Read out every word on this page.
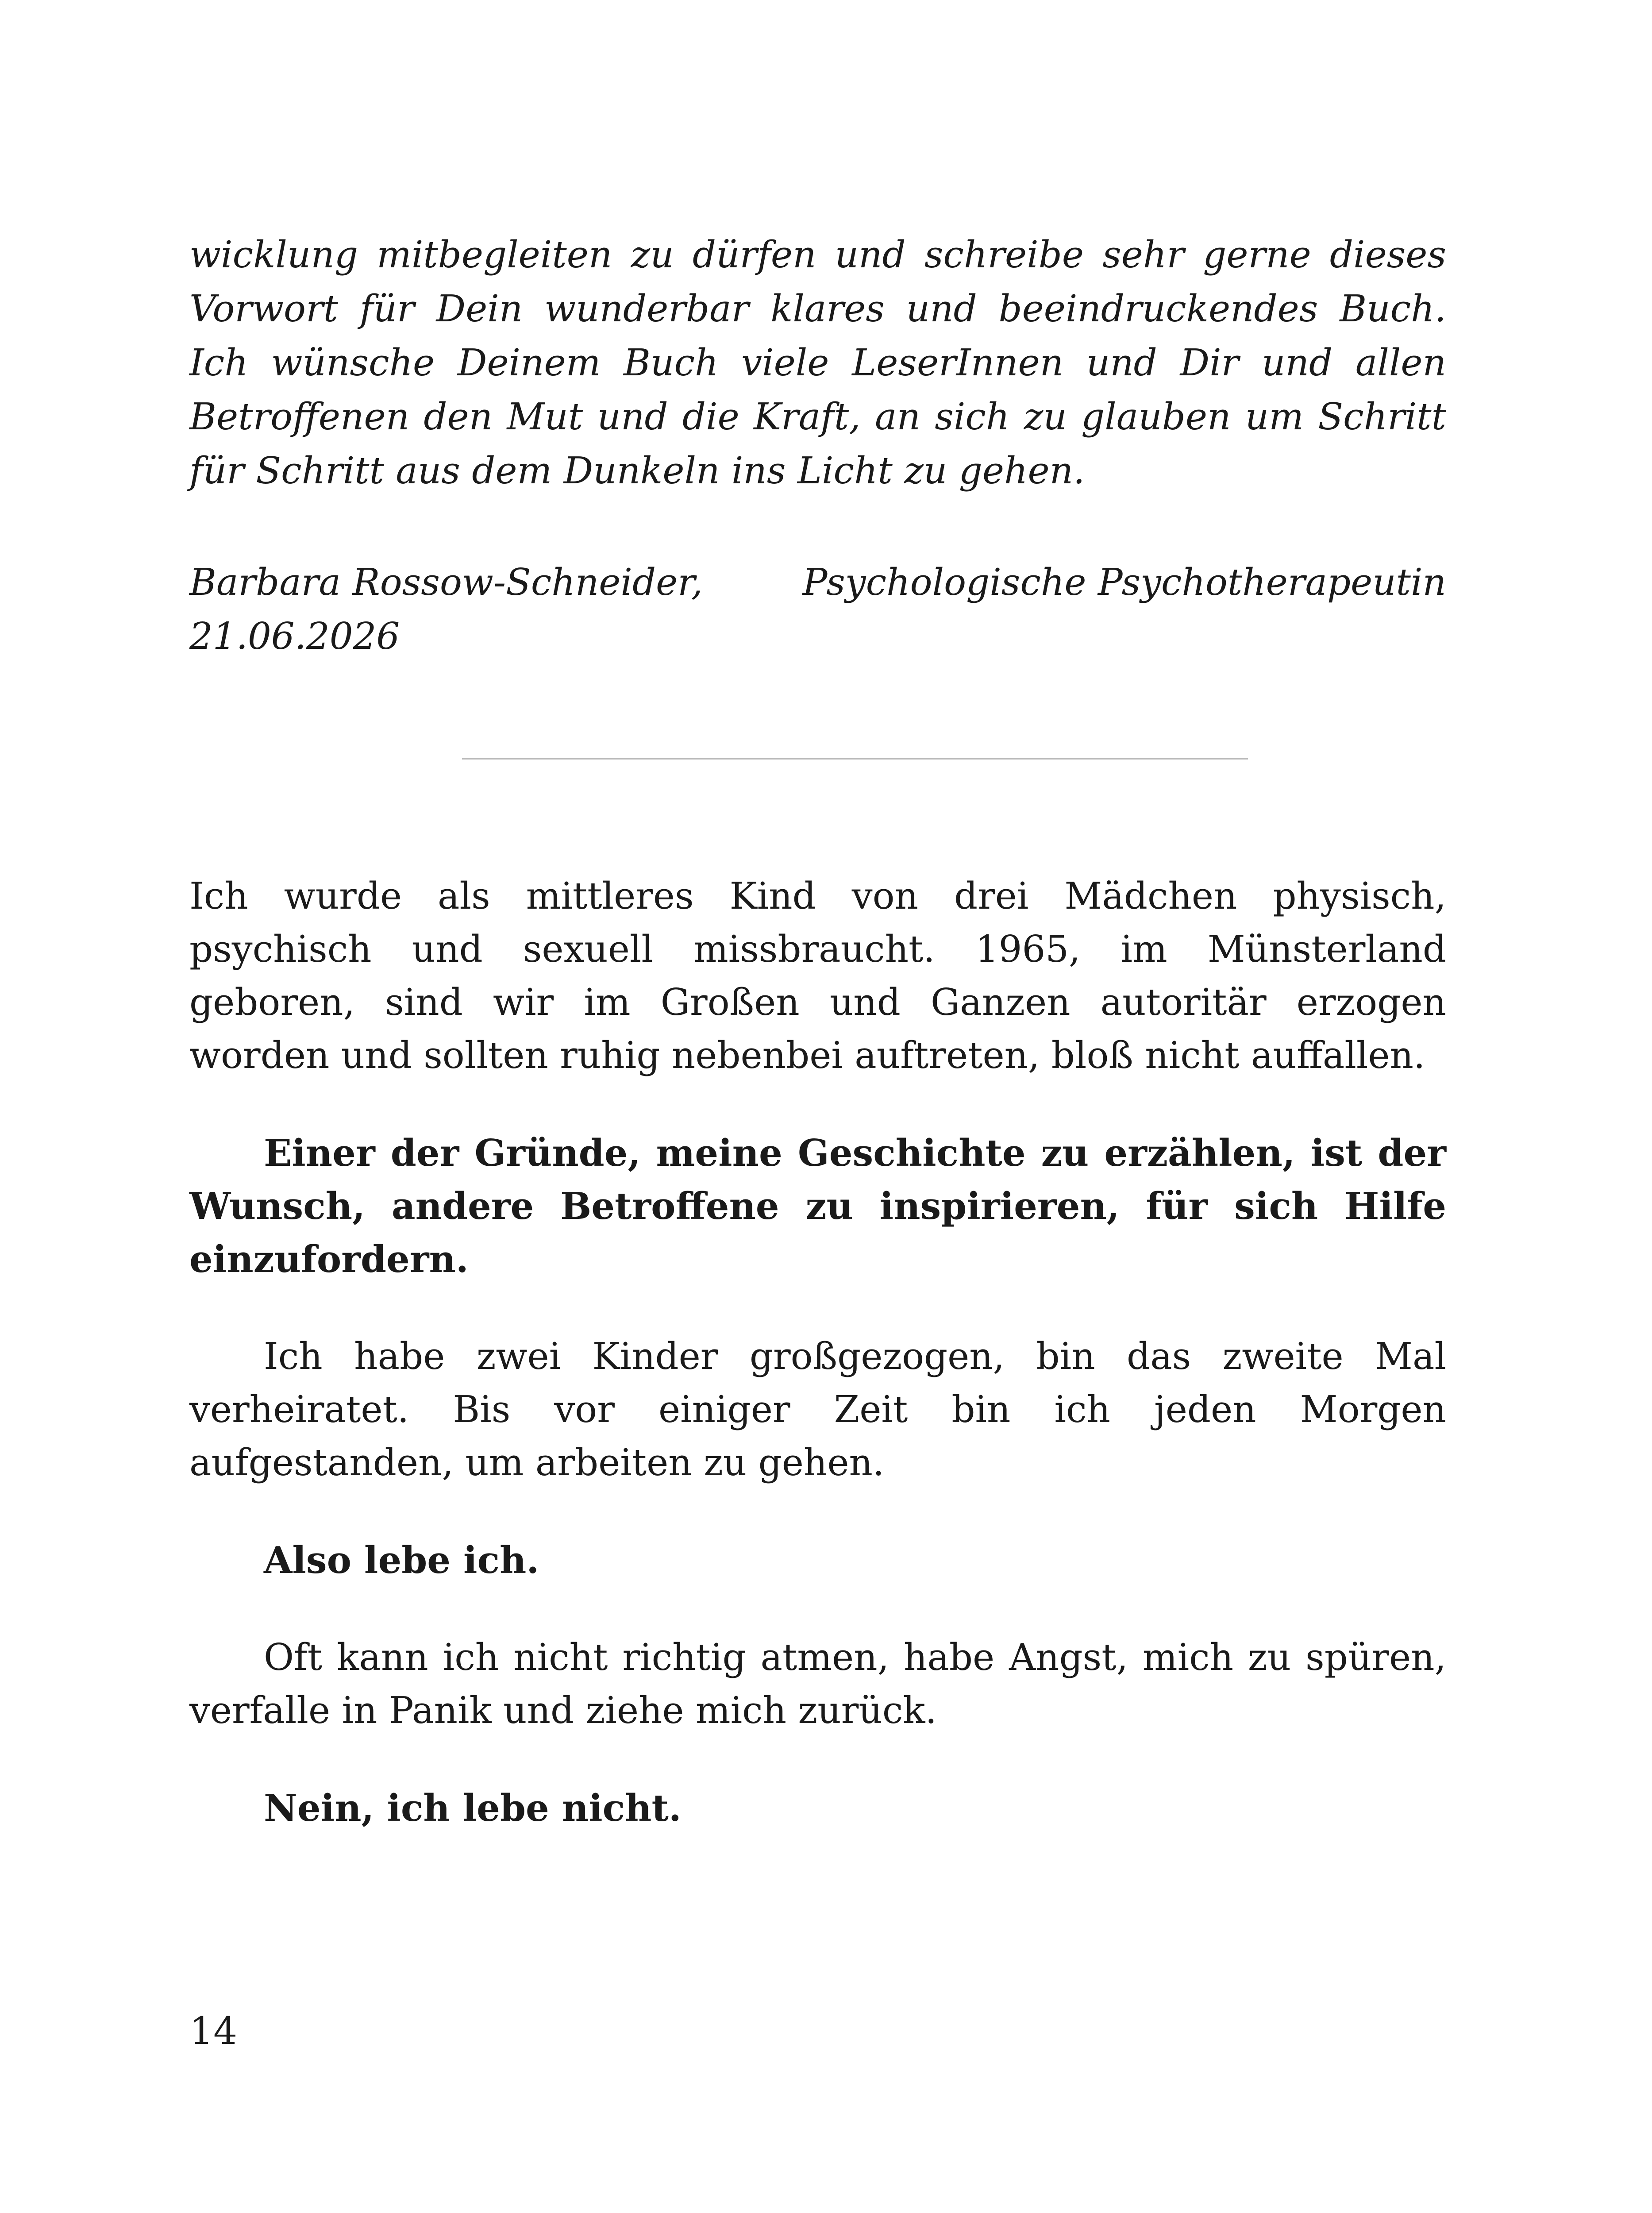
wicklung mitbegleiten zu dürfen und schreibe sehr gerne dieses Vorwort für Dein wunderbar klares und beeindruckendes Buch. Ich wünsche Deinem Buch viele LeserInnen und Dir und allen Betroffenen den Mut und die Kraft, an sich zu glauben um Schritt für Schritt aus dem Dunkeln ins Licht zu gehen.

Barbara Rossow-Schneider,	Psychologische Psychotherapeutin
21.06.2026

Ich wurde als mittleres Kind von drei Mädchen physisch, psychisch und sexuell missbraucht. 1965, im Münsterland geboren, sind wir im Großen und Ganzen autoritär erzogen worden und sollten ruhig nebenbei auftreten, bloß nicht auffallen.

Einer der Gründe, meine Geschichte zu erzählen, ist der Wunsch, andere Betroffene zu inspirieren, für sich Hilfe einzufordern.

Ich habe zwei Kinder großgezogen, bin das zweite Mal verheiratet. Bis vor einiger Zeit bin ich jeden Morgen aufgestanden, um arbeiten zu gehen.

Also lebe ich.

Oft kann ich nicht richtig atmen, habe Angst, mich zu spüren, verfalle in Panik und ziehe mich zurück.

Nein, ich lebe nicht.

14
